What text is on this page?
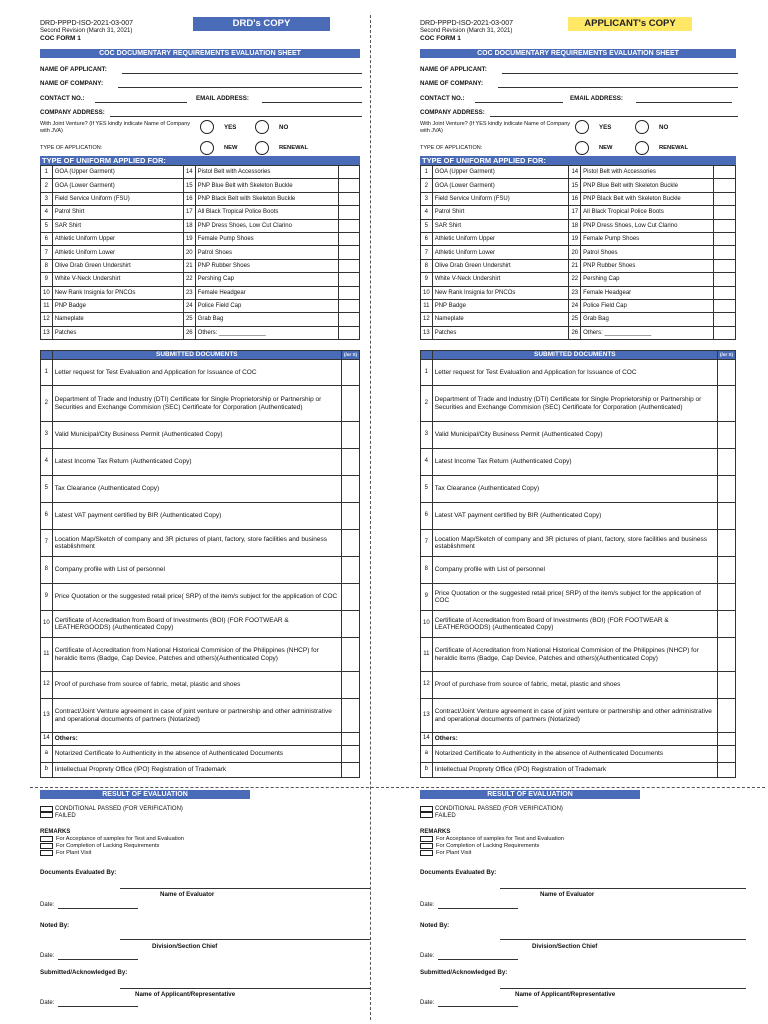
DRD-PPPD-ISO-2021-03-007
Second Revision (March 31, 2021)
COC FORM 1
DRD's COPY
COC DOCUMENTARY REQUIREMENTS EVALUATION SHEET
NAME OF APPLICANT:
NAME OF COMPANY:
CONTACT NO.:	EMAIL ADDRESS:
COMPANY ADDRESS:
With Joint Venture? (If YES kindly indicate Name of Company with JVA)	YES	NO
TYPE OF APPLICATION:	NEW	RENEWAL
TYPE OF UNIFORM APPLIED FOR:
1	GOA (Upper Garment)	14	Pistol Belt with Accessories	
2	GOA (Lower Garment)	15	PNP Blue Belt with Skeleton Buckle	
3	Field Service Uniform (FSU)	16	PNP Black Belt with Skeleton Buckle	
4	Patrol Shirt	17	All Black Tropical Police Boots	
5	SAR Shirt	18	PNP Dress Shoes, Low Cut Clarino	
6	Athletic Uniform Upper	19	Female Pump Shoes	
7	Athletic Uniform Lower	20	Patrol Shoes	
8	Olive Drab Green Undershirt	21	PNP Rubber Shoes	
9	White V-Neck Undershirt	22	Pershing Cap	
10	New Rank Insignia for PNCOs	23	Female Headgear	
11	PNP Badge	24	Police Field Cap	
12	Nameplate	25	Grab Bag	
13	Patches	26	Others: ______________	
	SUBMITTED DOCUMENTS	(/or X)
1	Letter request for Test Evaluation and Application for Issuance of COC	
2	Department of Trade and Industry (DTI) Certificate for Single Proprietorship or Partnership or Securities and Exchange Commision (SEC) Certificate for Corporation (Authenticated)	
3	Valid Municipal/City Business Permit (Authenticated Copy)	
4	Latest Income Tax Return (Authenticated Copy)	
5	Tax Clearance (Authenticated Copy)	
6	Latest VAT payment certified by BIR (Authenticated Copy)	
7	Location Map/Sketch of company and 3R pictures of plant, factory, store facilities and business establishment	
8	Company profile with List of personnel	
9	Price Quotation or the suggested retail price( SRP) of the item/s subject for the application of COC	
10	Certificate of Accreditation from Board of Investments (BOI) (FOR FOOTWEAR & LEATHERGOODS) (Authenticated Copy)	
11	Certificate of Accreditation from National Historical Commision of the Philippines (NHCP) for heraldic Items (Badge, Cap Device, Patches and others)(Authenticated Copy)	
12	Proof of purchase from source of fabric, metal, plastic and shoes	
13	Contract/Joint Venture agreement in case of joint venture or partnership and other administrative and operational documents of partners (Notarized)	
14	Others:	
a	Notarized Certificate fo Authenticity in the absence of Authenticated Documents	
b	Iintellectual Proprety Office (IPO) Registration of Trademark	
RESULT OF EVALUATION
CONDITIONAL PASSED (FOR VERIFICATION)
FAILED
REMARKS
For Acceptance of samples for Test and Evaluation
For Completion of Lacking Requirements
For Plant Visit
Documents Evaluated By:
Name of Evaluator
Date:
Noted By:
Division/Section Chief
Date:
Submitted/Acknowledged By:
Name of Applicant/Representative
Date:
DRD-PPPD-ISO-2021-03-007
Second Revision (March 31, 2021)
COC FORM 1
APPLICANT's COPY
COC DOCUMENTARY REQUIREMENTS EVALUATION SHEET
NAME OF APPLICANT:
NAME OF COMPANY:
CONTACT NO.:	EMAIL ADDRESS:
COMPANY ADDRESS:
With Joint Venture? (If YES kindly indicate Name of Company with JVA)	YES	NO
TYPE OF APPLICATION:	NEW	RENEWAL
TYPE OF UNIFORM APPLIED FOR:
1	GOA (Upper Garment)	14	Pistol Belt with Accessories	
2	GOA (Lower Garment)	15	PNP Blue Belt with Skeleton Buckle	
3	Field Service Uniform (FSU)	16	PNP Black Belt with Skeleton Buckle	
4	Patrol Shirt	17	All Black Tropical Police Boots	
5	SAR Shirt	18	PNP Dress Shoes, Low Cut Clarino	
6	Athletic Uniform Upper	19	Female Pump Shoes	
7	Athletic Uniform Lower	20	Patrol Shoes	
8	Olive Drab Green Undershirt	21	PNP Rubber Shoes	
9	White V-Neck Undershirt	22	Pershing Cap	
10	New Rank Insignia for PNCOs	23	Female Headgear	
11	PNP Badge	24	Police Field Cap	
12	Nameplate	25	Grab Bag	
13	Patches	26	Others: ______________	
	SUBMITTED DOCUMENTS	(/or X)
1	Letter request for Test Evaluation and Application for Issuance of COC	
2	Department of Trade and Industry (DTI) Certificate for Single Proprietorship or Partnership or Securities and Exchange Commision (SEC) Certificate for Corporation (Authenticated)	
3	Valid Municipal/City Business Permit (Authenticated Copy)	
4	Latest Income Tax Return (Authenticated Copy)	
5	Tax Clearance (Authenticated Copy)	
6	Latest VAT payment certified by BIR (Authenticated Copy)	
7	Location Map/Sketch of company and 3R pictures of plant, factory, store facilities and business establishment	
8	Company profile with List of personnel	
9	Price Quotation or the suggested retail price( SRP) of the item/s subject for the application of COC	
10	Certificate of Accreditation from Board of Investments (BOI) (FOR FOOTWEAR & LEATHERGOODS) (Authenticated Copy)	
11	Certificate of Accreditation from National Historical Commision of the Philippines (NHCP) for heraldic Items (Badge, Cap Device, Patches and others)(Authenticated Copy)	
12	Proof of purchase from source of fabric, metal, plastic and shoes	
13	Contract/Joint Venture agreement in case of joint venture or partnership and other administrative and operational documents of partners (Notarized)	
14	Others:	
a	Notarized Certificate fo Authenticity in the absence of Authenticated Documents	
b	Iintellectual Proprety Office (IPO) Registration of Trademark	
RESULT OF EVALUATION
CONDITIONAL PASSED (FOR VERIFICATION)
FAILED
REMARKS
For Acceptance of samples for Test and Evaluation
For Completion of Lacking Requirements
For Plant Visit
Documents Evaluated By:
Name of Evaluator
Date:
Noted By:
Division/Section Chief
Date:
Submitted/Acknowledged By:
Name of Applicant/Representative
Date:
